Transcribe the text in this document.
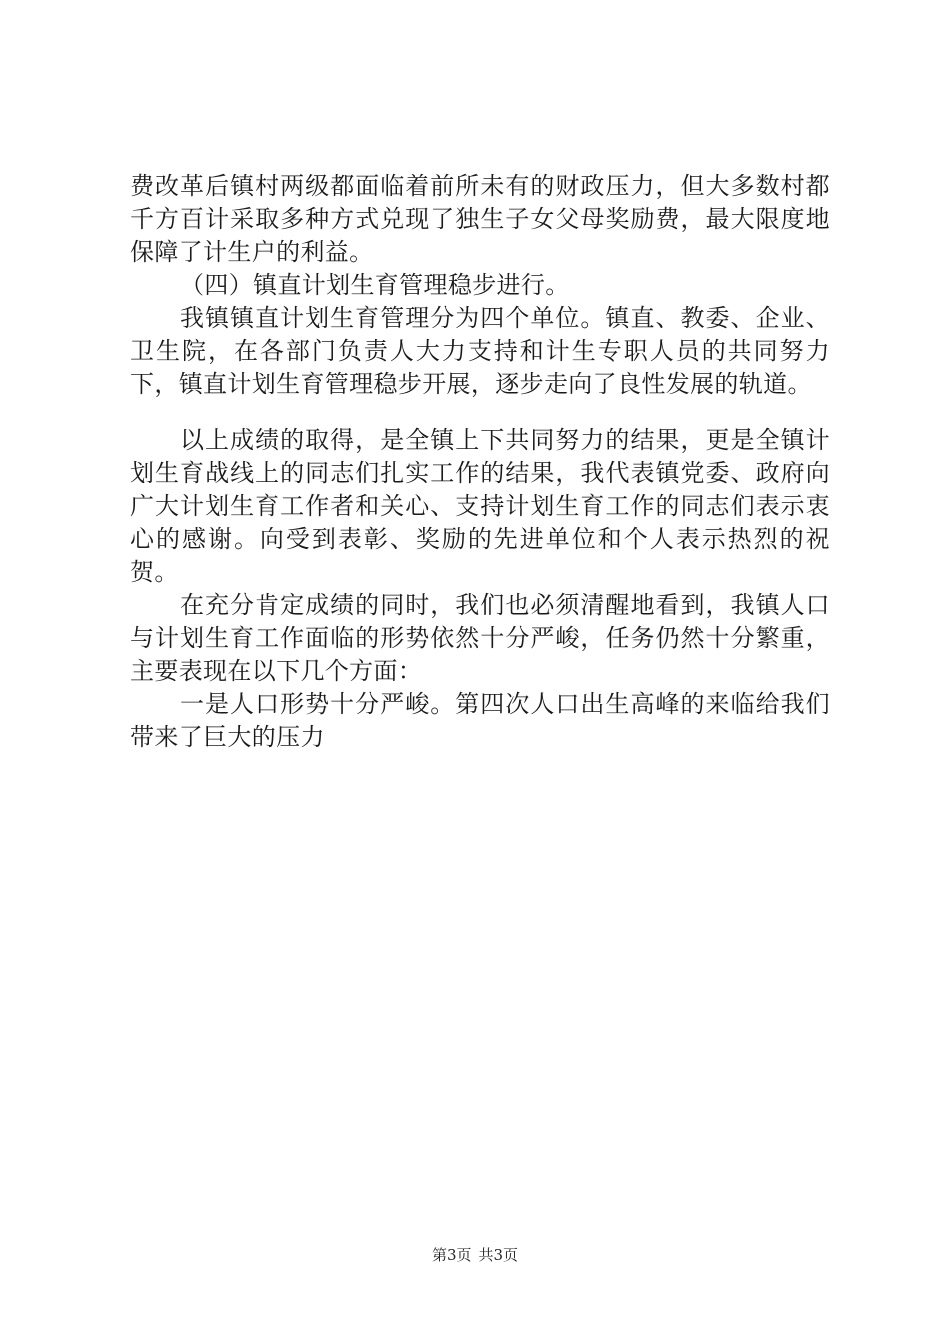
费改革后镇村两级都面临着前所未有的财政压力，但大多数村都千方百计采取多种方式兑现了独生子女父母奖励费，最大限度地保障了计生户的利益。

（四）镇直计划生育管理稳步进行。

我镇镇直计划生育管理分为四个单位。镇直、教委、企业、卫生院，在各部门负责人大力支持和计生专职人员的共同努力下，镇直计划生育管理稳步开展，逐步走向了良性发展的轨道。

以上成绩的取得，是全镇上下共同努力的结果，更是全镇计划生育战线上的同志们扎实工作的结果，我代表镇党委、政府向广大计划生育工作者和关心、支持计划生育工作的同志们表示衷心的感谢。向受到表彰、奖励的先进单位和个人表示热烈的祝贺。

在充分肯定成绩的同时，我们也必须清醒地看到，我镇人口与计划生育工作面临的形势依然十分严峻，任务仍然十分繁重，主要表现在以下几个方面：

一是人口形势十分严峻。第四次人口出生高峰的来临给我们带来了巨大的压力

第3页 共3页
